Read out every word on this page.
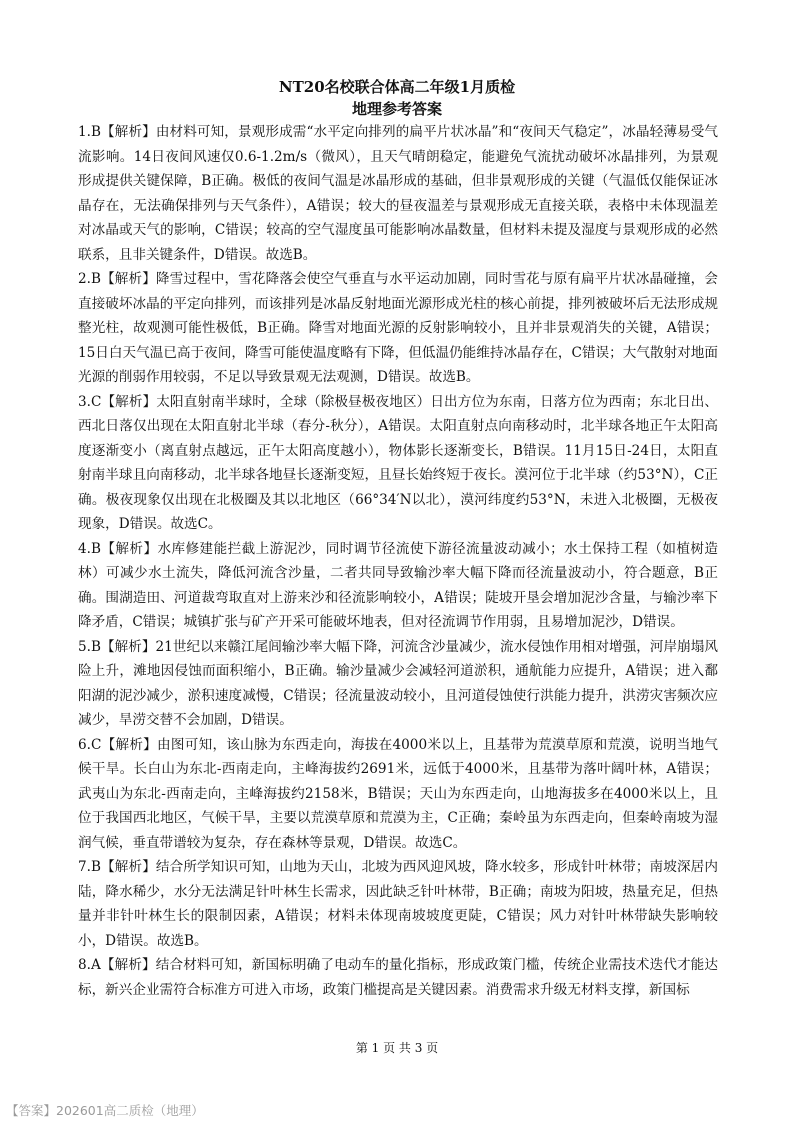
NT20名校联合体高二年级1月质检

地理参考答案

1.B【解析】由材料可知，景观形成需“水平定向排列的扁平片状冰晶”和“夜间天气稳定”，冰晶轻薄易受气流影响。14日夜间风速仅0.6-1.2m/s（微风），且天气晴朗稳定，能避免气流扰动破坏冰晶排列，为景观形成提供关键保障，B正确。极低的夜间气温是冰晶形成的基础，但非景观形成的关键（气温低仅能保证冰晶存在，无法确保排列与天气条件），A错误；较大的昼夜温差与景观形成无直接关联，表格中未体现温差对冰晶或天气的影响，C错误；较高的空气湿度虽可能影响冰晶数量，但材料未提及湿度与景观形成的必然联系，且非关键条件，D错误。故选B。

2.B【解析】降雪过程中，雪花降落会使空气垂直与水平运动加剧，同时雪花与原有扁平片状冰晶碰撞，会直接破坏冰晶的平定向排列，而该排列是冰晶反射地面光源形成光柱的核心前提，排列被破坏后无法形成规整光柱，故观测可能性极低，B正确。降雪对地面光源的反射影响较小，且并非景观消失的关键，A错误；15日白天气温已高于夜间，降雪可能使温度略有下降，但低温仍能维持冰晶存在，C错误；大气散射对地面光源的削弱作用较弱，不足以导致景观无法观测，D错误。故选B。

3.C【解析】太阳直射南半球时，全球（除极昼极夜地区）日出方位为东南，日落方位为西南；东北日出、西北日落仅出现在太阳直射北半球（春分-秋分），A错误。太阳直射点向南移动时，北半球各地正午太阳高度逐渐变小（离直射点越远，正午太阳高度越小），物体影长逐渐变长，B错误。11月15日-24日，太阳直射南半球且向南移动，北半球各地昼长逐渐变短，且昼长始终短于夜长。漠河位于北半球（约53°N），C正确。极夜现象仅出现在北极圈及其以北地区（66°34′N以北），漠河纬度约53°N，未进入北极圈，无极夜现象，D错误。故选C。

4.B【解析】水库修建能拦截上游泥沙，同时调节径流使下游径流量波动减小；水土保持工程（如植树造林）可减少水土流失，降低河流含沙量，二者共同导致输沙率大幅下降而径流量波动小，符合题意，B正确。围湖造田、河道裁弯取直对上游来沙和径流影响较小，A错误；陡坡开垦会增加泥沙含量，与输沙率下降矛盾，C错误；城镇扩张与矿产开采可能破坏地表，但对径流调节作用弱，且易增加泥沙，D错误。

5.B【解析】21世纪以来赣江尾闾输沙率大幅下降，河流含沙量减少，流水侵蚀作用相对增强，河岸崩塌风险上升，滩地因侵蚀而面积缩小，B正确。输沙量减少会减轻河道淤积，通航能力应提升，A错误；进入鄱阳湖的泥沙减少，淤积速度减慢，C错误；径流量波动较小，且河道侵蚀使行洪能力提升，洪涝灾害频次应减少，旱涝交替不会加剧，D错误。

6.C【解析】由图可知，该山脉为东西走向，海拔在4000米以上，且基带为荒漠草原和荒漠，说明当地气候干旱。长白山为东北-西南走向，主峰海拔约2691米，远低于4000米，且基带为落叶阔叶林，A错误；武夷山为东北-西南走向，主峰海拔约2158米，B错误；天山为东西走向，山地海拔多在4000米以上，且位于我国西北地区，气候干旱，主要以荒漠草原和荒漠为主，C正确；秦岭虽为东西走向，但秦岭南坡为湿润气候，垂直带谱较为复杂，存在森林等景观，D错误。故选C。

7.B【解析】结合所学知识可知，山地为天山，北坡为西风迎风坡，降水较多，形成针叶林带；南坡深居内陆，降水稀少，水分无法满足针叶林生长需求，因此缺乏针叶林带，B正确；南坡为阳坡，热量充足，但热量并非针叶林生长的限制因素，A错误；材料未体现南坡坡度更陡，C错误；风力对针叶林带缺失影响较小，D错误。故选B。

8.A【解析】结合材料可知，新国标明确了电动车的量化指标，形成政策门槛，传统企业需技术迭代才能达标，新兴企业需符合标准方可进入市场，政策门槛提高是关键因素。消费需求升级无材料支撑，新国标

第 1 页 共 3 页
【答案】202601高二质检（地理）
